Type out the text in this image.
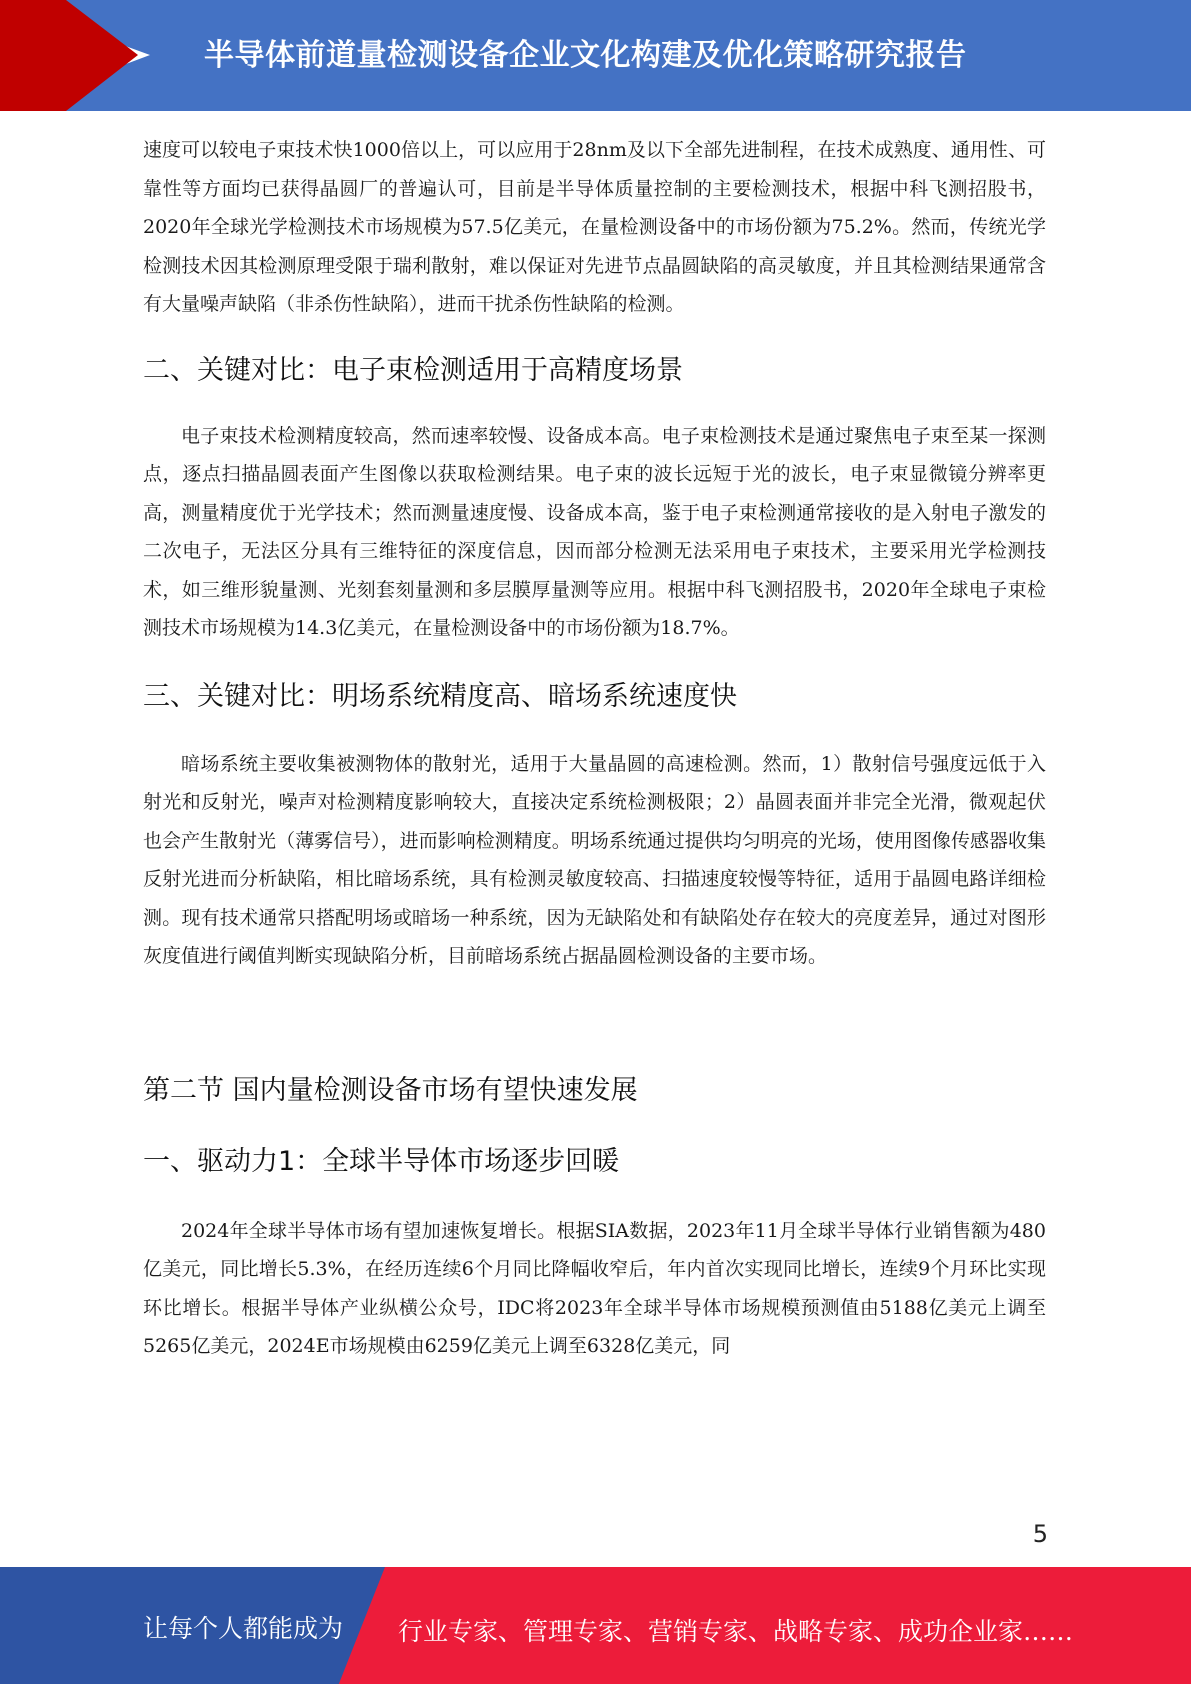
半导体前道量检测设备企业文化构建及优化策略研究报告

速度可以较电子束技术快1000倍以上，可以应用于28nm及以下全部先进制程，在技术成熟度、通用性、可靠性等方面均已获得晶圆厂的普遍认可，目前是半导体质量控制的主要检测技术，根据中科飞测招股书，2020年全球光学检测技术市场规模为57.5亿美元，在量检测设备中的市场份额为75.2%。然而，传统光学检测技术因其检测原理受限于瑞利散射，难以保证对先进节点晶圆缺陷的高灵敏度，并且其检测结果通常含有大量噪声缺陷（非杀伤性缺陷），进而干扰杀伤性缺陷的检测。

二、关键对比：电子束检测适用于高精度场景

电子束技术检测精度较高，然而速率较慢、设备成本高。电子束检测技术是通过聚焦电子束至某一探测点，逐点扫描晶圆表面产生图像以获取检测结果。电子束的波长远短于光的波长，电子束显微镜分辨率更高，测量精度优于光学技术；然而测量速度慢、设备成本高，鉴于电子束检测通常接收的是入射电子激发的二次电子，无法区分具有三维特征的深度信息，因而部分检测无法采用电子束技术，主要采用光学检测技术，如三维形貌量测、光刻套刻量测和多层膜厚量测等应用。根据中科飞测招股书，2020年全球电子束检测技术市场规模为14.3亿美元，在量检测设备中的市场份额为18.7%。

三、关键对比：明场系统精度高、暗场系统速度快

暗场系统主要收集被测物体的散射光，适用于大量晶圆的高速检测。然而，1）散射信号强度远低于入射光和反射光，噪声对检测精度影响较大，直接决定系统检测极限；2）晶圆表面并非完全光滑，微观起伏也会产生散射光（薄雾信号），进而影响检测精度。明场系统通过提供均匀明亮的光场，使用图像传感器收集反射光进而分析缺陷，相比暗场系统，具有检测灵敏度较高、扫描速度较慢等特征，适用于晶圆电路详细检测。现有技术通常只搭配明场或暗场一种系统，因为无缺陷处和有缺陷处存在较大的亮度差异，通过对图形灰度值进行阈值判断实现缺陷分析，目前暗场系统占据晶圆检测设备的主要市场。

第二节 国内量检测设备市场有望快速发展
一、驱动力1：全球半导体市场逐步回暖

2024年全球半导体市场有望加速恢复增长。根据SIA数据，2023年11月全球半导体行业销售额为480亿美元，同比增长5.3%，在经历连续6个月同比降幅收窄后，年内首次实现同比增长，连续9个月环比实现环比增长。根据半导体产业纵横公众号，IDC将2023年全球半导体市场规模预测值由5188亿美元上调至5265亿美元，2024E市场规模由6259亿美元上调至6328亿美元，同

5
让每个人都能成为 行业专家、管理专家、营销专家、战略专家、成功企业家……
